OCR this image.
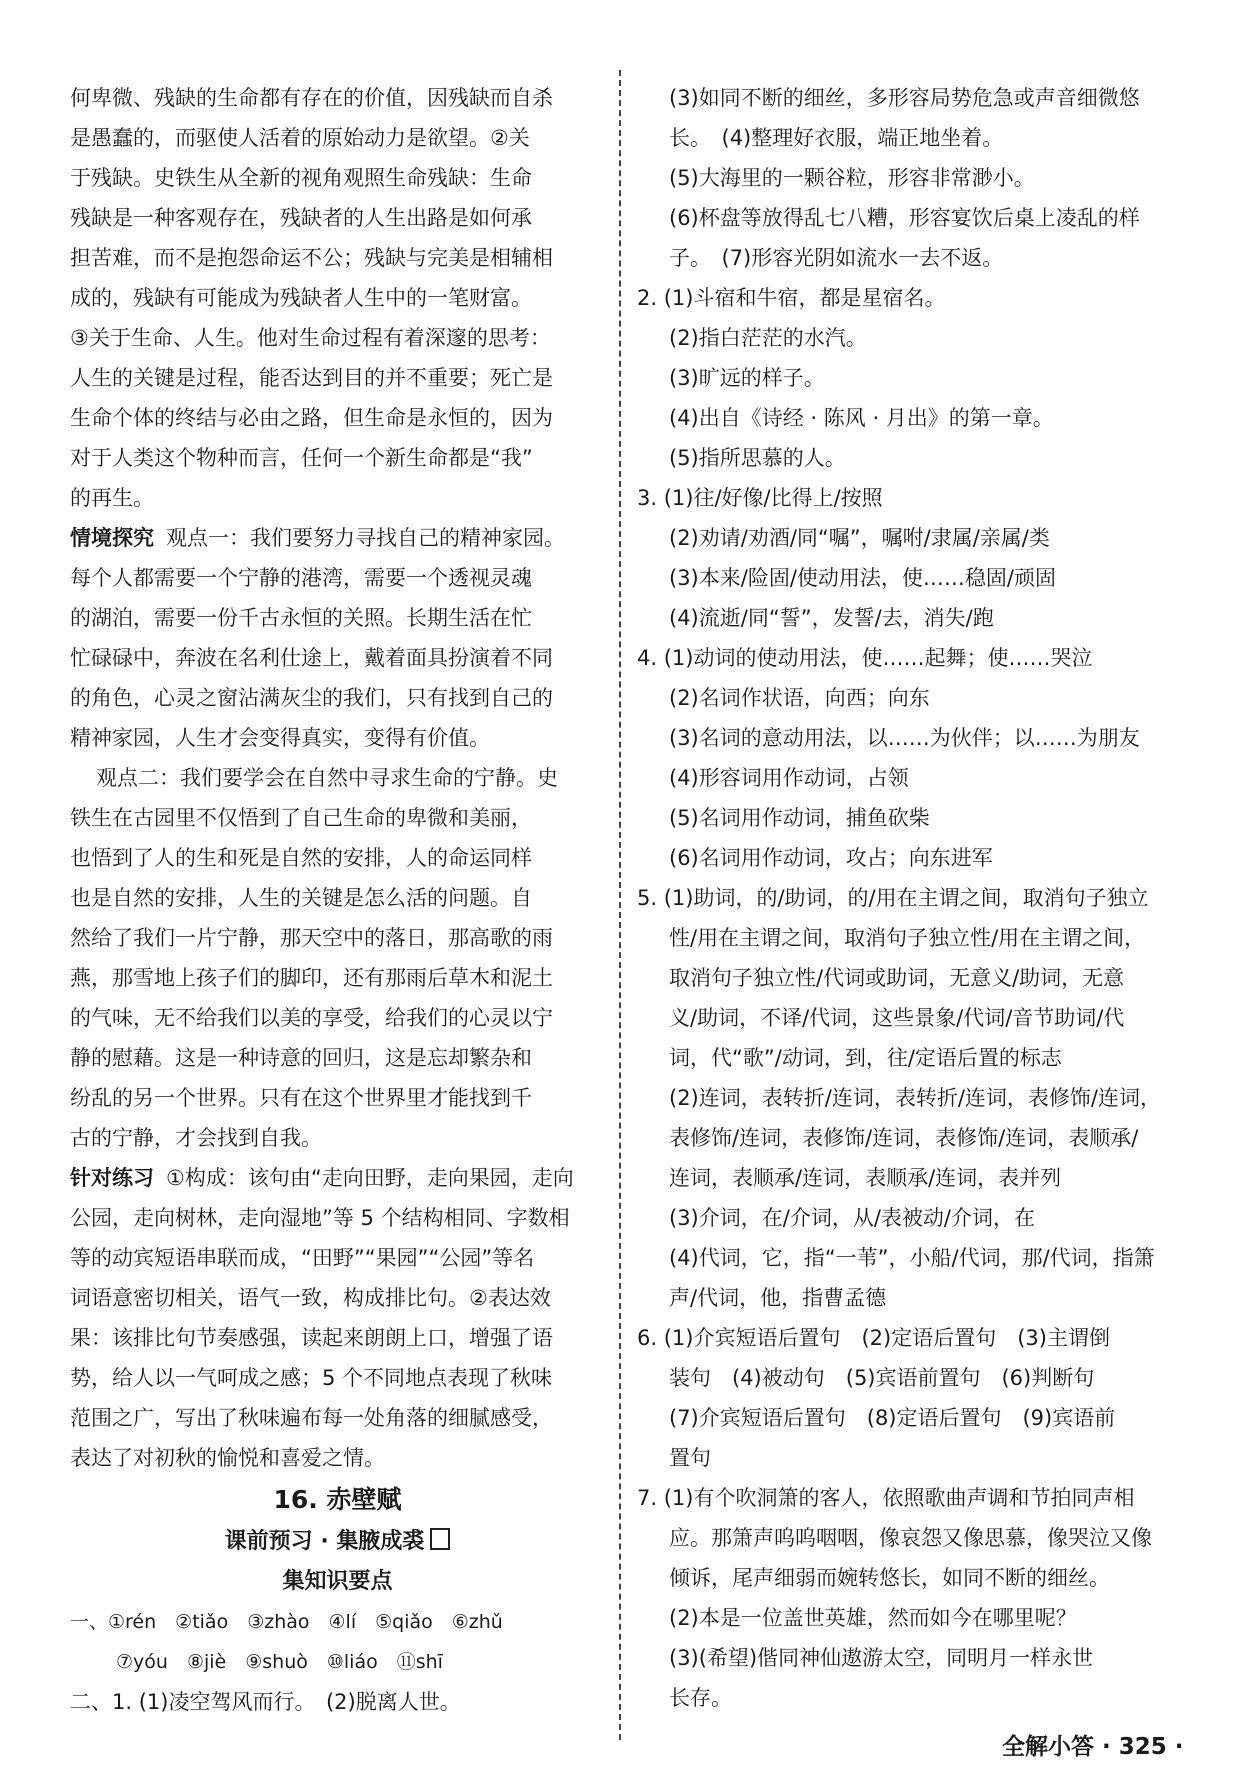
何卑微、残缺的生命都有存在的价值，因残缺而自杀
是愚蠢的，而驱使人活着的原始动力是欲望。②关
于残缺。史铁生从全新的视角观照生命残缺：生命
残缺是一种客观存在，残缺者的人生出路是如何承
担苦难，而不是抱怨命运不公；残缺与完美是相辅相
成的，残缺有可能成为残缺者人生中的一笔财富。
③关于生命、人生。他对生命过程有着深邃的思考：
人生的关键是过程，能否达到目的并不重要；死亡是
生命个体的终结与必由之路，但生命是永恒的，因为
对于人类这个物种而言，任何一个新生命都是“我”
的再生。
情境探究 观点一：我们要努力寻找自己的精神家园。
每个人都需要一个宁静的港湾，需要一个透视灵魂
的湖泊，需要一份千古永恒的关照。长期生活在忙
忙碌碌中，奔波在名利仕途上，戴着面具扮演着不同
的角色，心灵之窗沾满灰尘的我们，只有找到自己的
精神家园，人生才会变得真实，变得有价值。
观点二：我们要学会在自然中寻求生命的宁静。史
铁生在古园里不仅悟到了自己生命的卑微和美丽，
也悟到了人的生和死是自然的安排，人的命运同样
也是自然的安排，人生的关键是怎么活的问题。自
然给了我们一片宁静，那天空中的落日，那高歌的雨
燕，那雪地上孩子们的脚印，还有那雨后草木和泥土
的气味，无不给我们以美的享受，给我们的心灵以宁
静的慰藉。这是一种诗意的回归，这是忘却繁杂和
纷乱的另一个世界。只有在这个世界里才能找到千
古的宁静，才会找到自我。
针对练习 ①构成：该句由“走向田野，走向果园，走向
公园，走向树林，走向湿地”等 5 个结构相同、字数相
等的动宾短语串联而成，“田野”“果园”“公园”等名
词语意密切相关，语气一致，构成排比句。②表达效
果：该排比句节奏感强，读起来朗朗上口，增强了语
势，给人以一气呵成之感；5 个不同地点表现了秋味
范围之广，写出了秋味遍布每一处角落的细腻感受，
表达了对初秋的愉悦和喜爱之情。
16. 赤壁赋
课前预习 · 集腋成裘
集知识要点
一、①rén　②tiǎo　③zhào　④lí　⑤qiǎo　⑥zhǔ
⑦yóu　⑧jiè　⑨shuò　⑩liáo　⑪shī
二、1. (1)凌空驾风而行。　(2)脱离人世。
(3)如同不断的细丝，多形容局势危急或声音细微悠
长。　(4)整理好衣服，端正地坐着。
(5)大海里的一颗谷粒，形容非常渺小。
(6)杯盘等放得乱七八糟，形容宴饮后桌上凌乱的样
子。　(7)形容光阴如流水一去不返。
2. (1)斗宿和牛宿，都是星宿名。
(2)指白茫茫的水汽。
(3)旷远的样子。
(4)出自《诗经 · 陈风 · 月出》的第一章。
(5)指所思慕的人。
3. (1)往/好像/比得上/按照
(2)劝请/劝酒/同“嘱”，嘱咐/隶属/亲属/类
(3)本来/险固/使动用法，使……稳固/顽固
(4)流逝/同“誓”，发誓/去，消失/跑
4. (1)动词的使动用法，使……起舞；使……哭泣
(2)名词作状语，向西；向东
(3)名词的意动用法，以……为伙伴；以……为朋友
(4)形容词用作动词，占领
(5)名词用作动词，捕鱼砍柴
(6)名词用作动词，攻占；向东进军
5. (1)助词，的/助词，的/用在主谓之间，取消句子独立
性/用在主谓之间，取消句子独立性/用在主谓之间，
取消句子独立性/代词或助词，无意义/助词，无意
义/助词，不译/代词，这些景象/代词/音节助词/代
词，代“歌”/动词，到，往/定语后置的标志
(2)连词，表转折/连词，表转折/连词，表修饰/连词，
表修饰/连词，表修饰/连词，表修饰/连词，表顺承/
连词，表顺承/连词，表顺承/连词，表并列
(3)介词，在/介词，从/表被动/介词，在
(4)代词，它，指“一苇”，小船/代词，那/代词，指箫
声/代词，他，指曹孟德
6. (1)介宾短语后置句　(2)定语后置句　(3)主谓倒
装句　(4)被动句　(5)宾语前置句　(6)判断句
(7)介宾短语后置句　(8)定语后置句　(9)宾语前
置句
7. (1)有个吹洞箫的客人，依照歌曲声调和节拍同声相
应。那箫声呜呜咽咽，像哀怨又像思慕，像哭泣又像
倾诉，尾声细弱而婉转悠长，如同不断的细丝。
(2)本是一位盖世英雄，然而如今在哪里呢？
(3)(希望)偕同神仙遨游太空，同明月一样永世
长存。
全解小答 · 325 ·
